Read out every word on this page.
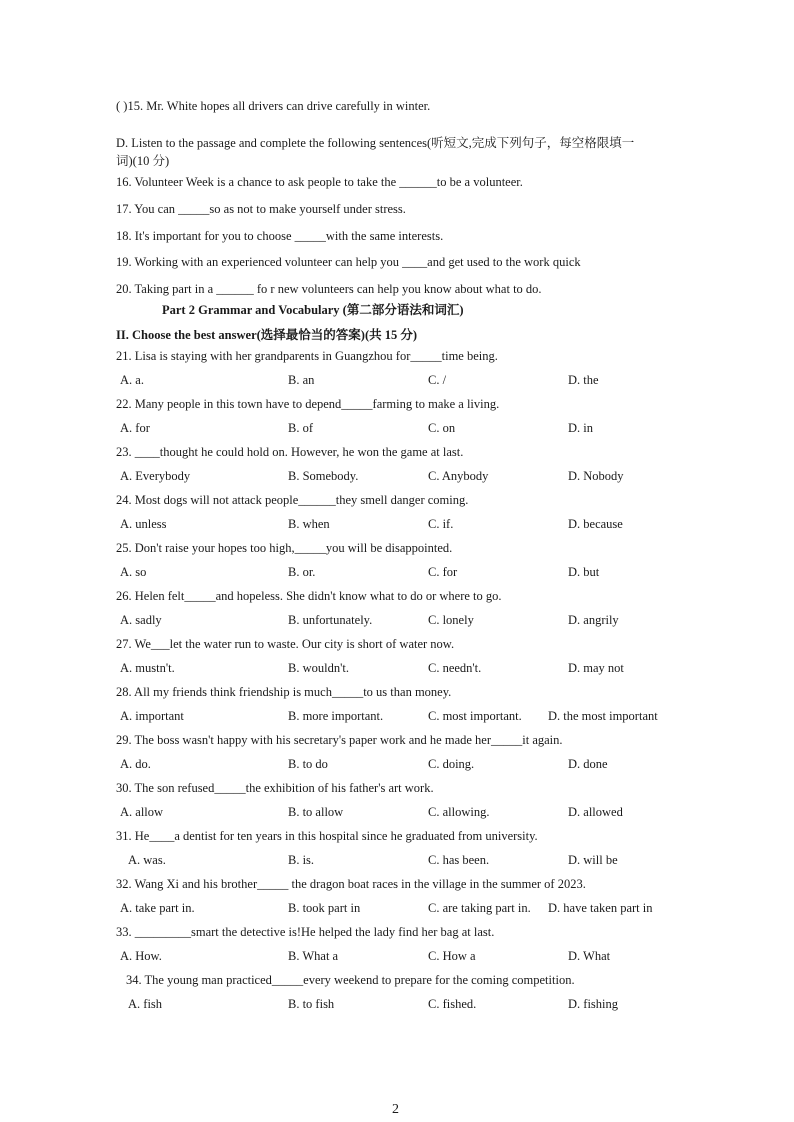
( )15. Mr. White hopes all drivers can drive carefully in winter.
D. Listen to the passage and complete the following sentences(听短文,完成下列句子，每空格限填一
词)(10 分)
16. Volunteer Week is a chance to ask people to take the ______to be a volunteer.
17. You can _____so as not to make yourself under stress.
18. It's important for you to choose _____with the same interests.
19. Working with an experienced volunteer can help you ____and get used to the work quick
20. Taking part in a ______ fo r new volunteers can help you know about what to do.
Part 2 Grammar and Vocabulary (第二部分语法和词汇)
II. Choose the best answer(选择最恰当的答案)(共 15 分)
21. Lisa is staying with her grandparents in Guangzhou for_____time being.
A. a.	B. an	C. /	D. the
22. Many people in this town have to depend_____farming to make a living.
A. for	B. of	C. on	D. in
23. ____thought he could hold on. However, he won the game at last.
A. Everybody	B. Somebody.	C. Anybody	D. Nobody
24. Most dogs will not attack people______they smell danger coming.
A. unless	B. when	C. if.	D. because
25. Don't raise your hopes too high,_____you will be disappointed.
A. so	B. or.	C. for	D. but
26. Helen felt_____and hopeless. She didn't know what to do or where to go.
A. sadly	B. unfortunately.	C. lonely	D. angrily
27. We___let the water run to waste. Our city is short of water now.
A. mustn't.	B. wouldn't.	C. needn't.	D. may not
28. All my friends think friendship is much_____to us than money.
A. important	B. more important.	C. most important. D. the most important
29. The boss wasn't happy with his secretary's paper work and he made her_____it again.
A. do.	B. to do	C. doing.	D. done
30. The son refused_____the exhibition of his father's art work.
A. allow	B. to allow	C. allowing.	D. allowed
31. He____a dentist for ten years in this hospital since he graduated from university.
A. was.	B. is.	C. has been.	D. will be
32. Wang Xi and his brother_____ the dragon boat races in the village in the summer of 2023.
A. take part in.	B. took part in	C. are taking part in. D. have taken part in
33. _________smart the detective is!He helped the lady find her bag at last.
A. How.	B. What a	C. How a	D. What
34. The young man practiced_____every weekend to prepare for the coming competition.
A. fish	B. to fish	C. fished.	D. fishing
2
